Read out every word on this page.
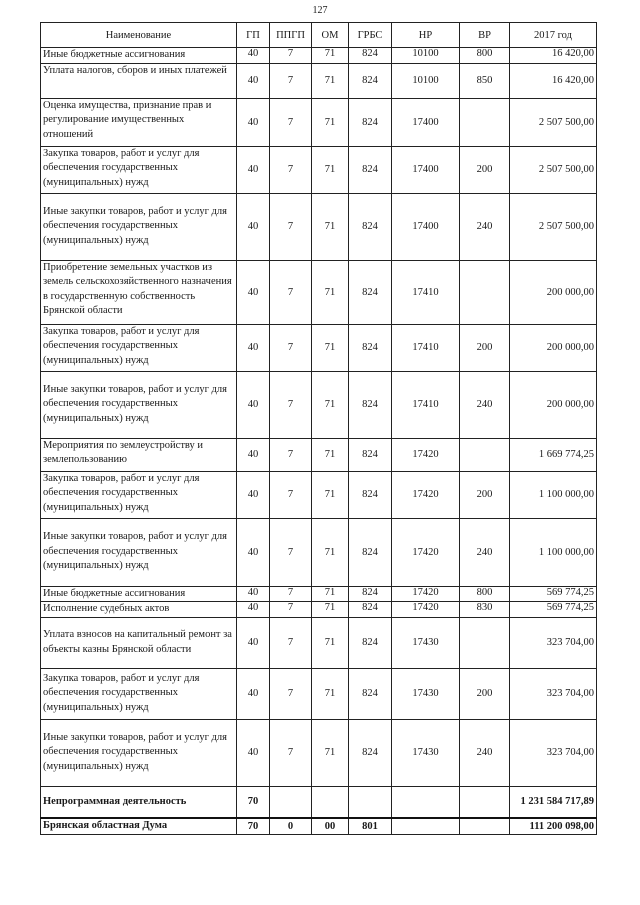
127
Наименование	ГП	ППГП	ОМ	ГРБС	НР	ВР	2017 год
Иные бюджетные ассигнования	40	7	71	824	10100	800	16 420,00
Уплата налогов, сборов и иных платежей	40	7	71	824	10100	850	16 420,00
Оценка имущества, признание прав и регулирование имущественных отношений	40	7	71	824	17400		2 507 500,00
Закупка товаров, работ и услуг для обеспечения государственных (муниципальных) нужд	40	7	71	824	17400	200	2 507 500,00
Иные закупки товаров, работ и услуг для обеспечения государственных (муниципальных) нужд	40	7	71	824	17400	240	2 507 500,00
Приобретение земельных участков из земель сельскохозяйственного назначения в государственную собственность Брянской области	40	7	71	824	17410		200 000,00
Закупка товаров, работ и услуг для обеспечения государственных (муниципальных) нужд	40	7	71	824	17410	200	200 000,00
Иные закупки товаров, работ и услуг для обеспечения государственных (муниципальных) нужд	40	7	71	824	17410	240	200 000,00
Мероприятия по землеустройству и землепользованию	40	7	71	824	17420		1 669 774,25
Закупка товаров, работ и услуг для обеспечения государственных (муниципальных) нужд	40	7	71	824	17420	200	1 100 000,00
Иные закупки товаров, работ и услуг для обеспечения государственных (муниципальных) нужд	40	7	71	824	17420	240	1 100 000,00
Иные бюджетные ассигнования	40	7	71	824	17420	800	569 774,25
Исполнение судебных актов	40	7	71	824	17420	830	569 774,25
Уплата взносов на капитальный ремонт за объекты казны Брянской области	40	7	71	824	17430		323 704,00
Закупка товаров, работ и услуг для обеспечения государственных (муниципальных) нужд	40	7	71	824	17430	200	323 704,00
Иные закупки товаров, работ и услуг для обеспечения государственных (муниципальных) нужд	40	7	71	824	17430	240	323 704,00
Непрограммная деятельность	70						1 231 584 717,89
Брянская областная Дума	70	0	00	801			111 200 098,00
